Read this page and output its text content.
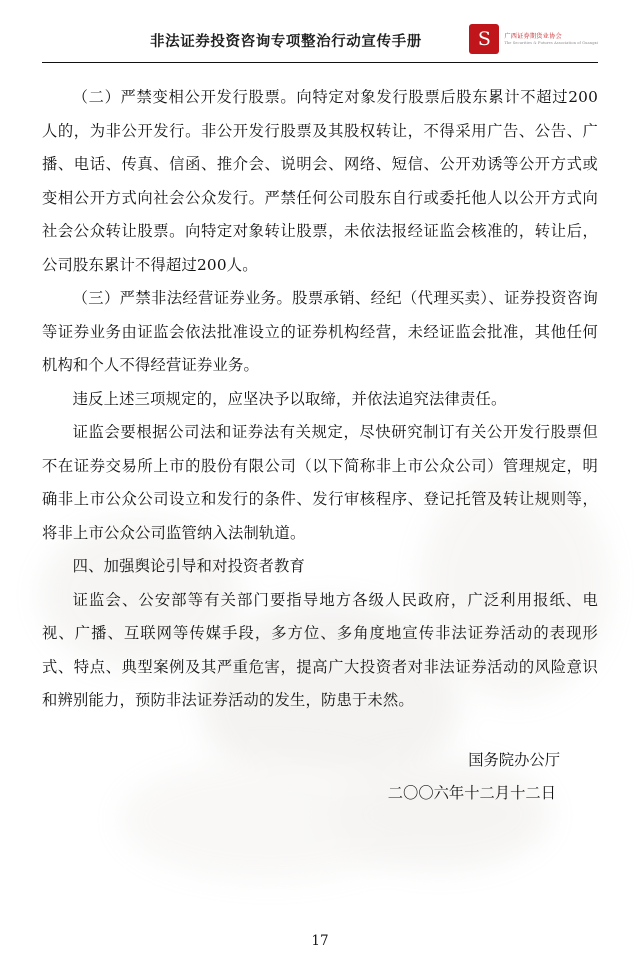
非法证券投资咨询专项整治行动宣传手册	S	广西证券期货业协会
The Securities & Futures Association of Guangxi

（二）严禁变相公开发行股票。向特定对象发行股票后股东累计不超过200人的，为非公开发行。非公开发行股票及其股权转让，不得采用广告、公告、广播、电话、传真、信函、推介会、说明会、网络、短信、公开劝诱等公开方式或变相公开方式向社会公众发行。严禁任何公司股东自行或委托他人以公开方式向社会公众转让股票。向特定对象转让股票，未依法报经证监会核准的，转让后，公司股东累计不得超过200人。

（三）严禁非法经营证券业务。股票承销、经纪（代理买卖）、证券投资咨询等证券业务由证监会依法批准设立的证券机构经营，未经证监会批准，其他任何机构和个人不得经营证券业务。

违反上述三项规定的，应坚决予以取缔，并依法追究法律责任。

证监会要根据公司法和证券法有关规定，尽快研究制订有关公开发行股票但不在证券交易所上市的股份有限公司（以下简称非上市公众公司）管理规定，明确非上市公众公司设立和发行的条件、发行审核程序、登记托管及转让规则等，将非上市公众公司监管纳入法制轨道。

四、加强舆论引导和对投资者教育

证监会、公安部等有关部门要指导地方各级人民政府，广泛利用报纸、电视、广播、互联网等传媒手段，多方位、多角度地宣传非法证券活动的表现形式、特点、典型案例及其严重危害，提高广大投资者对非法证券活动的风险意识和辨别能力，预防非法证券活动的发生，防患于未然。

国务院办公厅
二〇〇六年十二月十二日
17
